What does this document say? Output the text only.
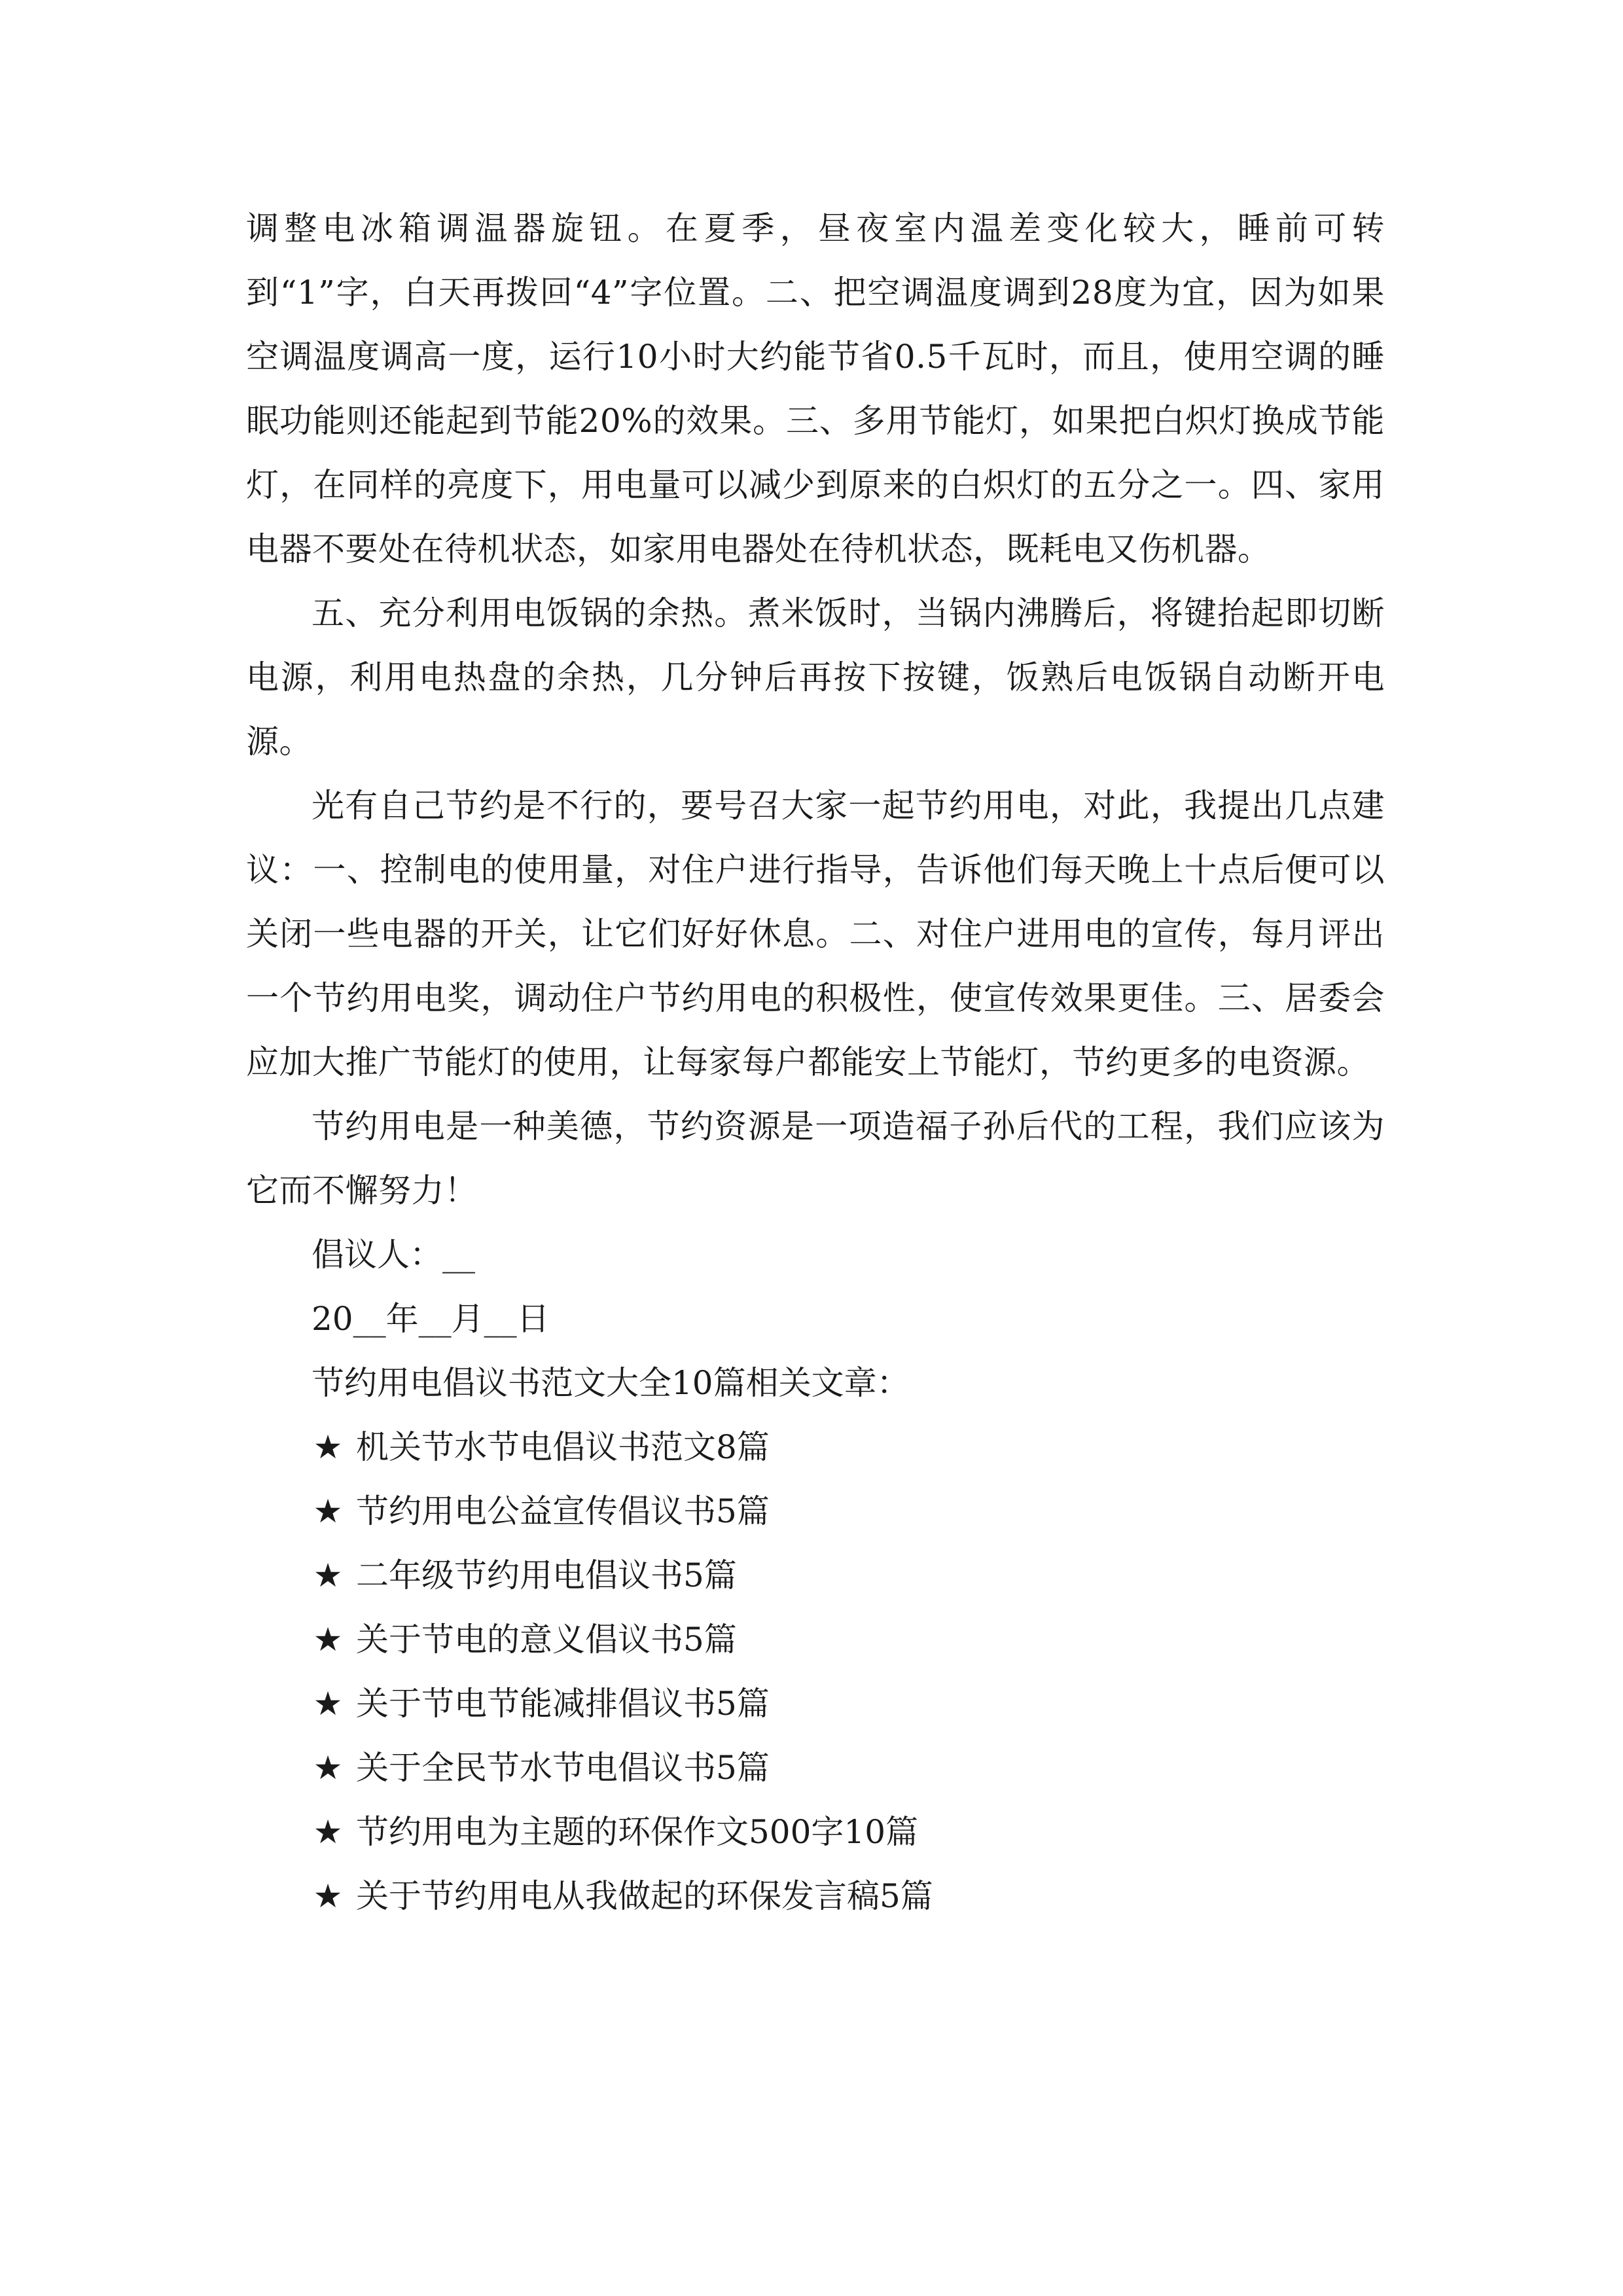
调整电冰箱调温器旋钮。在夏季，昼夜室内温差变化较大，睡前可转到“1”字，白天再拨回“4”字位置。二、把空调温度调到28度为宜，因为如果空调温度调高一度，运行10小时大约能节省0.5千瓦时，而且，使用空调的睡眠功能则还能起到节能20%的效果。三、多用节能灯，如果把白炽灯换成节能灯，在同样的亮度下，用电量可以减少到原来的白炽灯的五分之一。四、家用电器不要处在待机状态，如家用电器处在待机状态，既耗电又伤机器。

五、充分利用电饭锅的余热。煮米饭时，当锅内沸腾后，将键抬起即切断电源，利用电热盘的余热，几分钟后再按下按键，饭熟后电饭锅自动断开电源。

光有自己节约是不行的，要号召大家一起节约用电，对此，我提出几点建议：一、控制电的使用量，对住户进行指导，告诉他们每天晚上十点后便可以关闭一些电器的开关，让它们好好休息。二、对住户进用电的宣传，每月评出一个节约用电奖，调动住户节约用电的积极性，使宣传效果更佳。三、居委会应加大推广节能灯的使用，让每家每户都能安上节能灯，节约更多的电资源。

节约用电是一种美德，节约资源是一项造福子孙后代的工程，我们应该为它而不懈努力！

倡议人：__

20__年__月__日

节约用电倡议书范文大全10篇相关文章：

★ 机关节水节电倡议书范文8篇
★ 节约用电公益宣传倡议书5篇
★ 二年级节约用电倡议书5篇
★ 关于节电的意义倡议书5篇
★ 关于节电节能减排倡议书5篇
★ 关于全民节水节电倡议书5篇
★ 节约用电为主题的环保作文500字10篇
★ 关于节约用电从我做起的环保发言稿5篇
